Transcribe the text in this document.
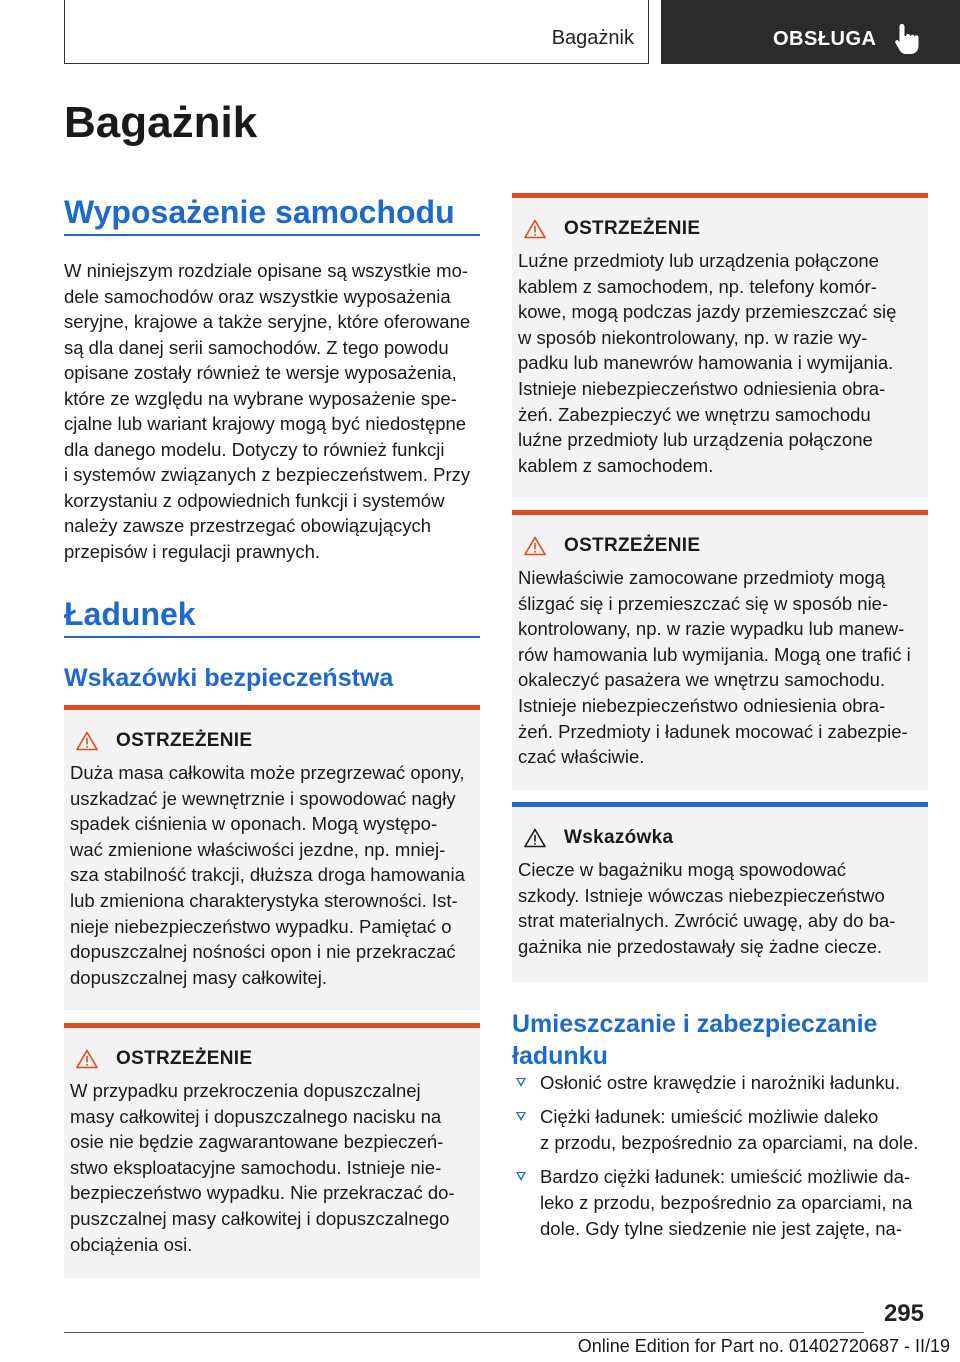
Bagażnik	OBSŁUGA
Bagażnik
Wyposażenie samochodu
W niniejszym rozdziale opisane są wszystkie mo‐
dele samochodów oraz wszystkie wyposażenia
seryjne, krajowe a także seryjne, które oferowane
są dla danej serii samochodów. Z tego powodu
opisane zostały również te wersje wyposażenia,
które ze względu na wybrane wyposażenie spe‐
cjalne lub wariant krajowy mogą być niedostępne
dla danego modelu. Dotyczy to również funkcji
i systemów związanych z bezpieczeństwem. Przy
korzystaniu z odpowiednich funkcji i systemów
należy zawsze przestrzegać obowiązujących
przepisów i regulacji prawnych.
Ładunek
Wskazówki bezpieczeństwa
OSTRZEŻENIE
Duża masa całkowita może przegrzewać opony,
uszkadzać je wewnętrznie i spowodować nagły
spadek ciśnienia w oponach. Mogą występo‐
wać zmienione właściwości jezdne, np. mniej‐
sza stabilność trakcji, dłuższa droga hamowania
lub zmieniona charakterystyka sterowności. Ist‐
nieje niebezpieczeństwo wypadku. Pamiętać o
dopuszczalnej nośności opon i nie przekraczać
dopuszczalnej masy całkowitej.
OSTRZEŻENIE
W przypadku przekroczenia dopuszczalnej
masy całkowitej i dopuszczalnego nacisku na
osie nie będzie zagwarantowane bezpieczeń‐
stwo eksploatacyjne samochodu. Istnieje nie‐
bezpieczeństwo wypadku. Nie przekraczać do‐
puszczalnej masy całkowitej i dopuszczalnego
obciążenia osi.
OSTRZEŻENIE
Luźne przedmioty lub urządzenia połączone
kablem z samochodem, np. telefony komór‐
kowe, mogą podczas jazdy przemieszczać się
w sposób niekontrolowany, np. w razie wy‐
padku lub manewrów hamowania i wymijania.
Istnieje niebezpieczeństwo odniesienia obra‐
żeń. Zabezpieczyć we wnętrzu samochodu
luźne przedmioty lub urządzenia połączone
kablem z samochodem.
OSTRZEŻENIE
Niewłaściwie zamocowane przedmioty mogą
ślizgać się i przemieszczać się w sposób nie‐
kontrolowany, np. w razie wypadku lub manew‐
rów hamowania lub wymijania. Mogą one trafić i
okaleczyć pasażera we wnętrzu samochodu.
Istnieje niebezpieczeństwo odniesienia obra‐
żeń. Przedmioty i ładunek mocować i zabezpie‐
czać właściwie.
Wskazówka
Ciecze w bagażniku mogą spowodować
szkody. Istnieje wówczas niebezpieczeństwo
strat materialnych. Zwrócić uwagę, aby do ba‐
gażnika nie przedostawały się żadne ciecze.
Umieszczanie i zabezpieczanie
ładunku
Osłonić ostre krawędzie i narożniki ładunku.
Ciężki ładunek: umieścić możliwie daleko
z przodu, bezpośrednio za oparciami, na dole.
Bardzo ciężki ładunek: umieścić możliwie da‐
leko z przodu, bezpośrednio za oparciami, na
dole. Gdy tylne siedzenie nie jest zajęte, na‐
295
Online Edition for Part no. 01402720687 - II/19
